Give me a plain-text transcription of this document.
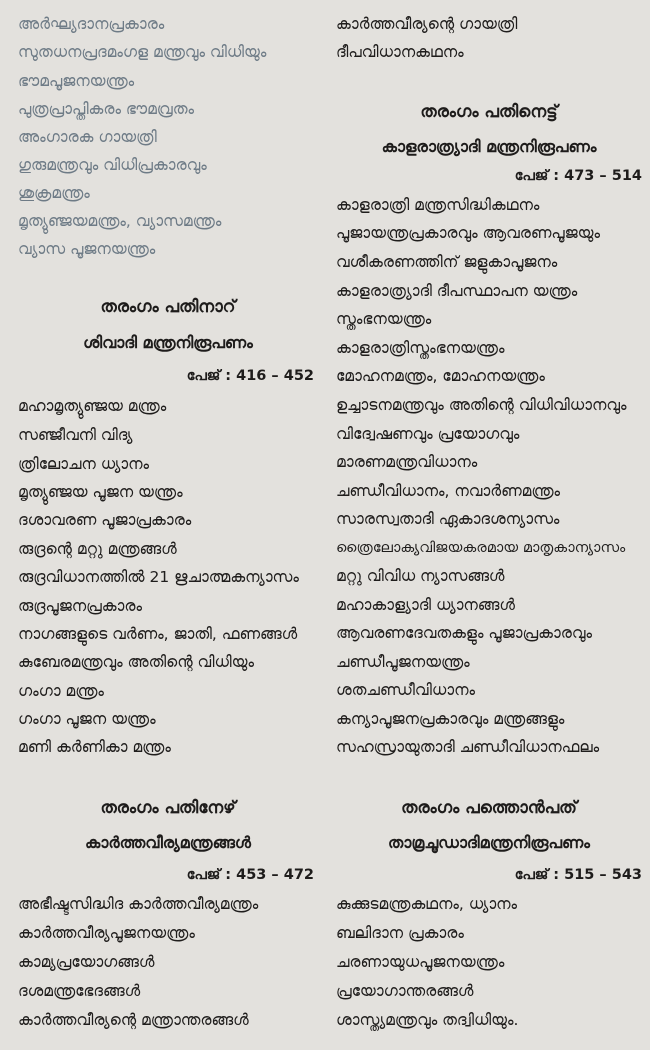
അർഘ്യദാനപ്രകാരം
സുതധനപ്രദമംഗള മന്ത്രവും വിധിയും
ഭൗമപൂജനയന്ത്രം
പുത്രപ്രാപ്തികരം ഭൗമവ്രതം
അംഗാരക ഗായത്രി
ഗുരുമന്ത്രവും വിധിപ്രകാരവും
ശുക്രമന്ത്രം
മൃത്യുഞ്ജയമന്ത്രം, വ്യാസമന്ത്രം
വ്യാസ പൂജനയന്ത്രം
തരംഗം പതിനാറ്
ശിവാദി മന്ത്രനിരൂപണം
പേജ് : 416 – 452
മഹാമൃത്യുഞ്ജയ മന്ത്രം
സഞ്ജീവനി വിദ്യ
ത്രിലോചന ധ്യാനം
മൃത്യുഞ്ജയ പൂജന യന്ത്രം
ദശാവരണ പൂജാപ്രകാരം
രുദ്രന്റെ മറ്റു മന്ത്രങ്ങൾ
രുദ്രവിധാനത്തിൽ 21 ഋചാത്മകന്യാസം
രുദ്രപൂജനപ്രകാരം
നാഗങ്ങളുടെ വർണം, ജാതി, ഫണങ്ങൾ
കുബേരമന്ത്രവും അതിന്റെ വിധിയും
ഗംഗാ മന്ത്രം
ഗംഗാ പൂജന യന്ത്രം
മണി കർണികാ മന്ത്രം
തരംഗം പതിനേഴ്
കാർത്തവീര്യമന്ത്രങ്ങൾ
പേജ് : 453 – 472
അഭീഷ്ടസിദ്ധിദ കാർത്തവീര്യമന്ത്രം
കാർത്തവീര്യപൂജനയന്ത്രം
കാമ്യപ്രയോഗങ്ങൾ
ദശമന്ത്രഭേദങ്ങൾ
കാർത്തവീര്യന്റെ മന്ത്രാന്തരങ്ങൾ
കാർത്തവീര്യന്റെ ഗായത്രി
ദീപവിധാനകഥനം
തരംഗം പതിനെട്ട്
കാളരാത്ര്യാദി മന്ത്രനിരൂപണം
പേജ് : 473 – 514
കാളരാത്രി മന്ത്രസിദ്ധികഥനം
പൂജായന്ത്രപ്രകാരവും ആവരണപൂജയും
വശീകരണത്തിന് ജളുകാപൂജനം
കാളരാത്ര്യാദി ദീപസ്ഥാപന യന്ത്രം
സ്തംഭനയന്ത്രം
കാളരാത്രിസ്തംഭനയന്ത്രം
മോഹനമന്ത്രം, മോഹനയന്ത്രം
ഉച്ചാടനമന്ത്രവും അതിന്റെ വിധിവിധാനവും
വിദ്വേഷണവും പ്രയോഗവും
മാരണമന്ത്രവിധാനം
ചണ്ഡീവിധാനം, നവാർണമന്ത്രം
സാരസ്വതാദി ഏകാദശന്യാസം
ത്രൈലോക്യവിജയകരമായ മാതൃകാന്യാസം
മറ്റു വിവിധ ന്യാസങ്ങൾ
മഹാകാള്യാദി ധ്യാനങ്ങൾ
ആവരണദേവതകളും പൂജാപ്രകാരവും
ചണ്ഡീപൂജനയന്ത്രം
ശതചണ്ഡീവിധാനം
കന്യാപൂജനപ്രകാരവും മന്ത്രങ്ങളും
സഹസ്രായുതാദി ചണ്ഡീവിധാനഫലം
തരംഗം പത്തൊൻപത്
താമ്രചൂഡാദിമന്ത്രനിരൂപണം
പേജ് : 515 – 543
കുക്കുടമന്ത്രകഥനം, ധ്യാനം
ബലിദാന പ്രകാരം
ചരണായുധപൂജനയന്ത്രം
പ്രയോഗാന്തരങ്ങൾ
ശാസ്ത്യമന്ത്രവും തദ്വിധിയും.
